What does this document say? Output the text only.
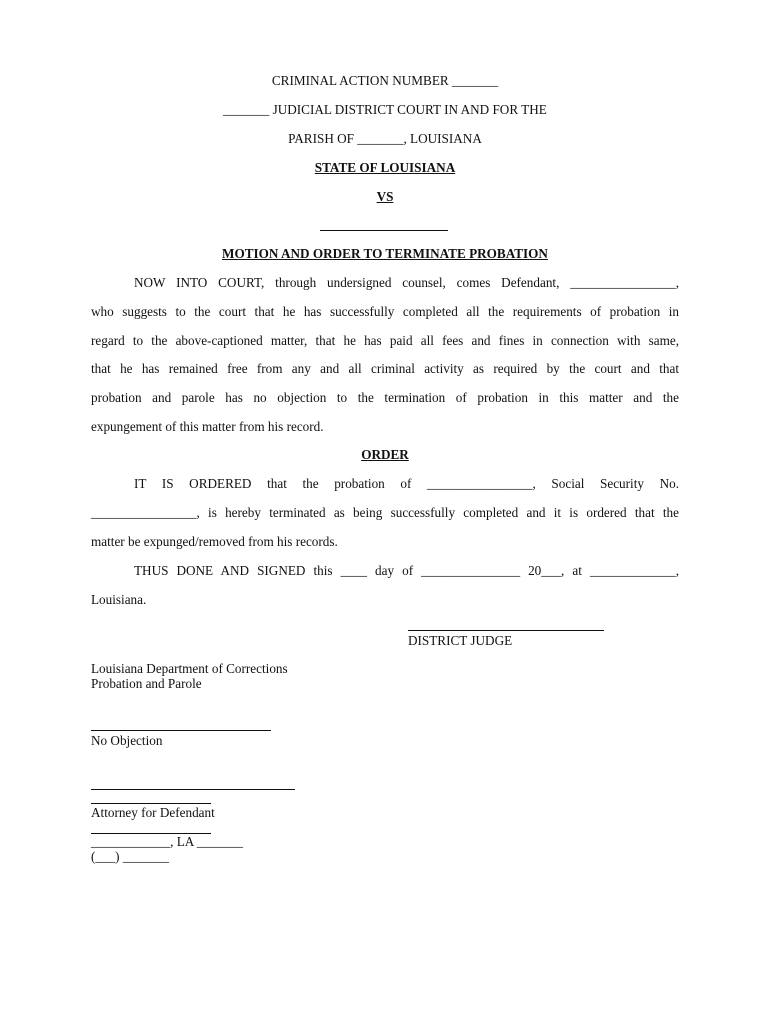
CRIMINAL ACTION NUMBER _______
_______ JUDICIAL DISTRICT COURT IN AND FOR THE
PARISH OF _______, LOUISIANA
STATE OF LOUISIANA
VS
MOTION AND ORDER TO TERMINATE PROBATION
NOW INTO COURT, through undersigned counsel, comes Defendant, ________________,
who suggests to the court that he has successfully completed all the requirements of probation in
regard to the above-captioned matter, that he has paid all fees and fines in connection with same,
that he has remained free from any and all criminal activity as required by the court and that
probation and parole has no objection to the termination of probation in this matter and the
expungement of this matter from his record.
ORDER
IT IS ORDERED that the probation of ________________, Social Security No.
________________, is hereby terminated as being successfully completed and it is ordered that the
matter be expunged/removed from his records.
THUS DONE AND SIGNED this ____ day of _______________ 20___, at _____________,
Louisiana.
DISTRICT JUDGE
Louisiana Department of Corrections
Probation and Parole
No Objection
Attorney for Defendant
____________, LA _______
(___) _______
